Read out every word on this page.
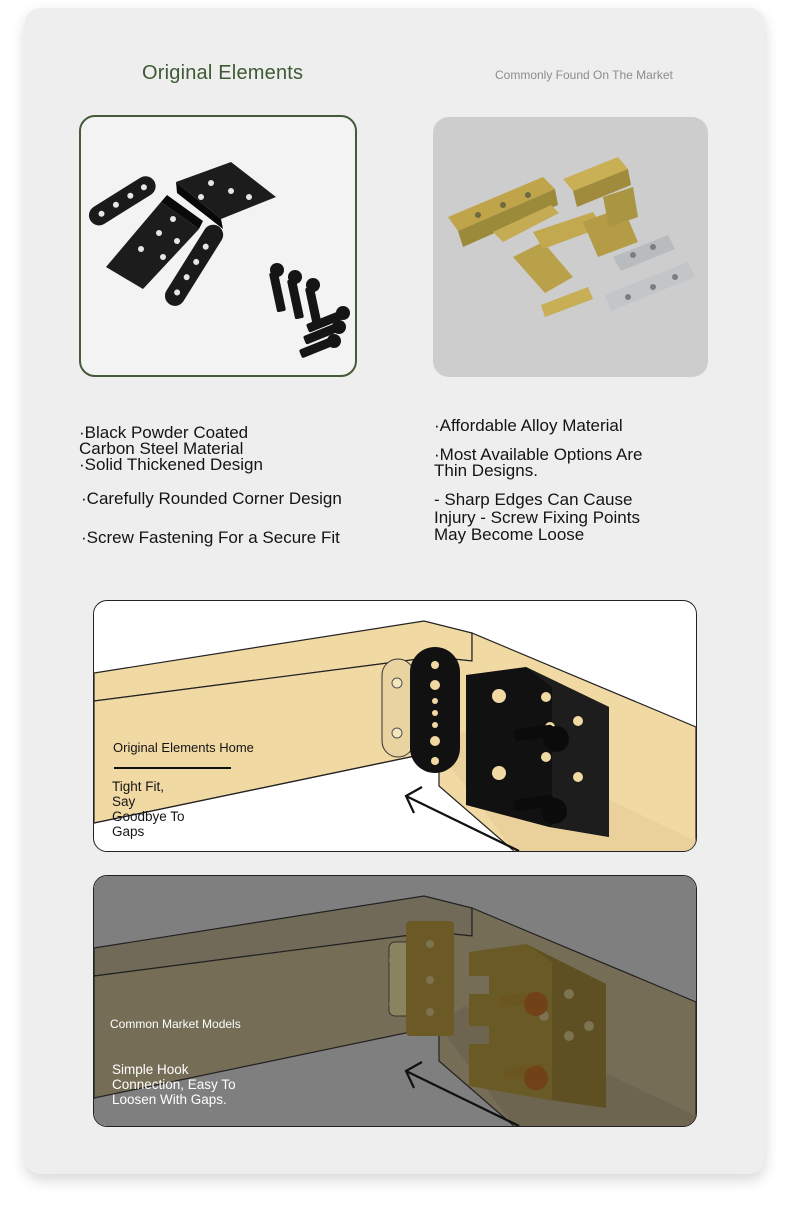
Original Elements	Commonly Found On The Market
·Black Powder Coated
Carbon Steel Material
·Solid Thickened Design
·Carefully Rounded Corner Design
·Screw Fastening For a Secure Fit
·Affordable Alloy Material
·Most Available Options Are
Thin Designs.
- Sharp Edges Can Cause
Injury - Screw Fixing Points
May Become Loose
Original Elements Home
Tight Fit,
Say
Goodbye To
Gaps
Common Market Models
Simple Hook
Connection, Easy To
Loosen With Gaps.
